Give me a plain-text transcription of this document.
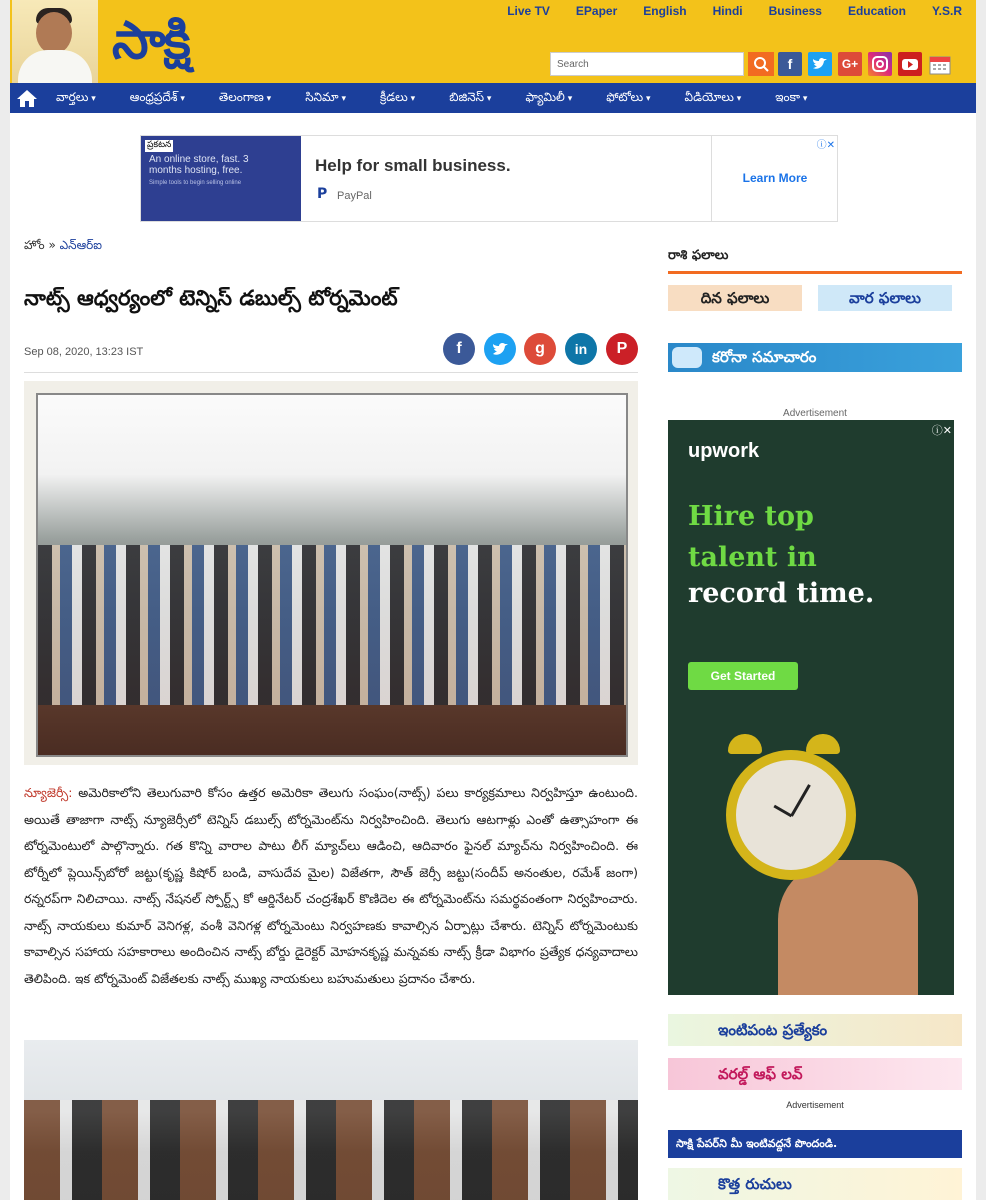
సాక్షి	Live TV EPaper English Hindi Business Education Y.S.R
Search	f	G+
వార్తలు ▾	ఆంధ్రప్రదేశ్ ▾	తెలంగాణ ▾	సినిమా ▾	క్రీడలు ▾	బిజినెస్ ▾	ఫ్యామిలీ ▾	ఫోటోలు ▾	వీడియోలు ▾	ఇంకా ▾
ప్రకటన
An online store, fast. 3 months hosting, free.
Simple tools to begin selling online
Help for small business.
P PayPal
Learn More
ⓘ✕
హోం » ఎన్ఆర్ఐ
నాట్స్ ఆధ్వర్యంలో టెన్నిస్ డబుల్స్ టోర్నమెంట్
Sep 08, 2020, 13:23 IST	f	g	in	P
న్యూజెర్సీ: అమెరికాలోని తెలుగువారి కోసం ఉత్తర అమెరికా తెలుగు సంఘం(నాట్స్) పలు కార్యక్రమాలు నిర్వహిస్తూ ఉంటుంది. అయితే తాజాగా నాట్స్ న్యూజెర్సీలో టెన్నిస్ డబుల్స్ టోర్నమెంట్‌ను నిర్వహించింది. తెలుగు ఆటగాళ్లు ఎంతో ఉత్సాహంగా ఈ టోర్నమెంటులో పాల్గొన్నారు. గత కొన్ని వారాల పాటు లీగ్ మ్యాచ్‌లు ఆడించి, ఆదివారం ఫైనల్ మ్యాచ్‌ను నిర్వహించింది. ఈ టోర్నీలో ప్లెయిన్స్‌బోరో జట్టు(కృష్ణ కిషోర్ బండి, వాసుదేవ మైల) విజేతగా, సౌత్ జెర్సీ జట్టు(సందీప్ అనంతుల, రమేశ్ జంగా) రన్నరప్‌గా నిలిచాయి. నాట్స్ నేషనల్ స్పోర్ట్స్ కో ఆర్డినేటర్ చంద్రశేఖర్ కొణిదెల ఈ టోర్నమెంట్‌ను సమర్థవంతంగా నిర్వహించారు. నాట్స్ నాయకులు కుమార్ వెనిగళ్ల, వంశీ వెనిగళ్ల టోర్నమెంటు నిర్వహణకు కావాల్సిన ఏర్పాట్లు చేశారు. టెన్నిస్ టోర్నమెంటుకు కావాల్సిన సహాయ సహకారాలు అందించిన నాట్స్ బోర్డు డైరెక్టర్ మోహనకృష్ణ మన్నవకు నాట్స్ క్రీడా విభాగం ప్రత్యేక ధన్యవాదాలు తెలిపింది. ఇక టోర్నమెంట్ విజేతలకు నాట్స్ ముఖ్య నాయకులు బహుమతులు ప్రదానం చేశారు.
రాశి ఫలాలు
దిన ఫలాలు	వార ఫలాలు
కరోనా సమాచారం
Advertisement
ⓘ✕
upwork
Hire top talent in
record time.
Get Started
ఇంటిపంట ప్రత్యేకం
వరల్డ్ ఆఫ్ లవ్
Advertisement
సాక్షి పేపర్‌ని మీ ఇంటివద్దనే పొందండి.
కొత్త రుచులు
